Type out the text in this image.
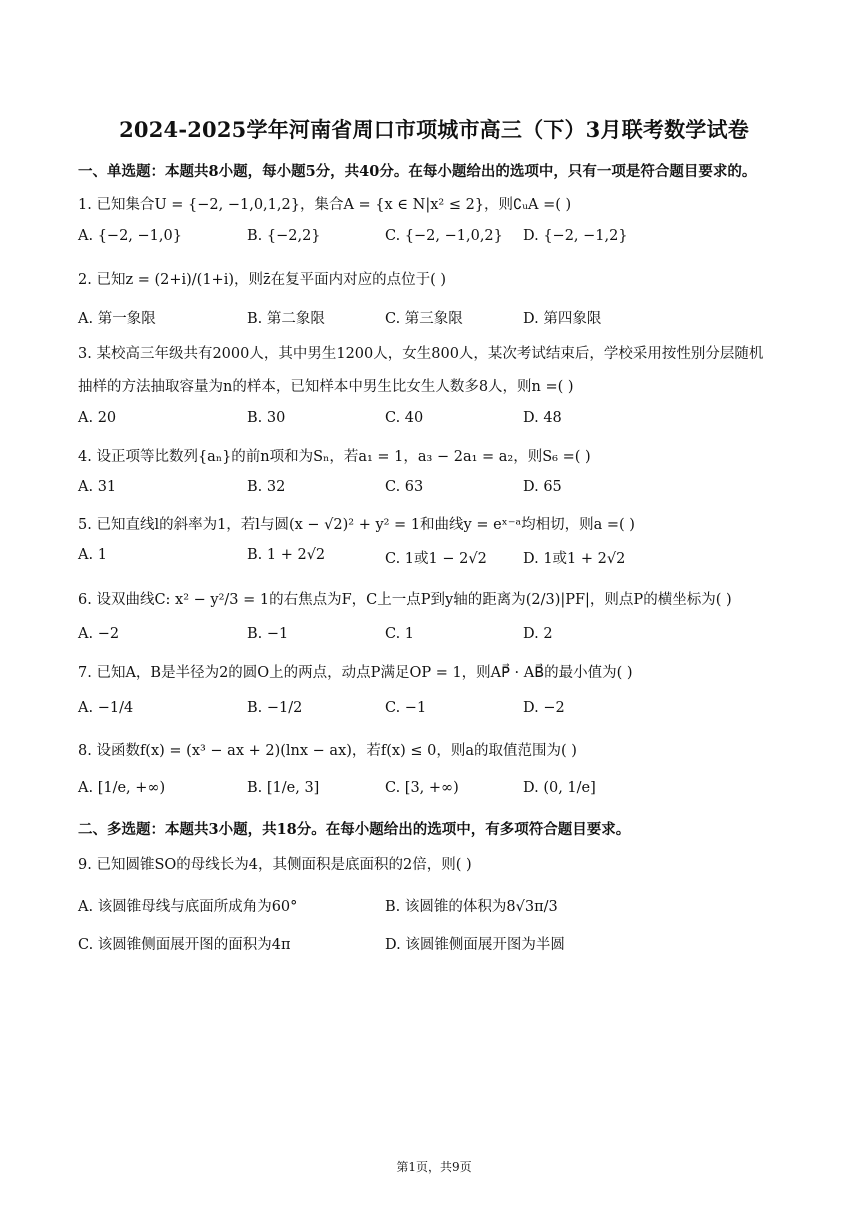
2024-2025学年河南省周口市项城市高三（下）3月联考数学试卷
一、单选题：本题共8小题，每小题5分，共40分。在每小题给出的选项中，只有一项是符合题目要求的。
1. 已知集合U = {−2, −1,0,1,2}，集合A = {x ∈ N|x² ≤ 2}，则∁ᵤA =( )
A. {−2, −1,0}	B. {−2,2}	C. {−2, −1,0,2} D. {−2, −1,2}
2. 已知z = (2+i)/(1+i)，则z̄在复平面内对应的点位于( )
A. 第一象限	B. 第二象限	C. 第三象限	D. 第四象限
3. 某校高三年级共有2000人，其中男生1200人，女生800人，某次考试结束后，学校采用按性别分层随机
抽样的方法抽取容量为n的样本，已知样本中男生比女生人数多8人，则n =( )
A. 20	B. 30	C. 40	D. 48
4. 设正项等比数列{aₙ}的前n项和为Sₙ，若a₁ = 1，a₃ − 2a₁ = a₂，则S₆ =( )
A. 31	B. 32	C. 63	D. 65
5. 已知直线l的斜率为1，若l与圆(x − √2)² + y² = 1和曲线y = eˣ⁻ᵃ均相切，则a =( )
A. 1	B. 1 + 2√2	C. 1或1 − 2√2 D. 1或1 + 2√2
6. 设双曲线C: x² − y²/3 = 1的右焦点为F，C上一点P到y轴的距离为(2/3)|PF|，则点P的横坐标为( )
A. −2	B. −1	C. 1	D. 2
7. 已知A，B是半径为2的圆O上的两点，动点P满足OP = 1，则AP⃗ · AB⃗的最小值为( )
A. −1/4	B. −1/2	C. −1	D. −2
8. 设函数f(x) = (x³ − ax + 2)(lnx − ax)，若f(x) ≤ 0，则a的取值范围为( )
A. [1/e, +∞)	B. [1/e, 3]	C. [3, +∞)	D. (0, 1/e]
二、多选题：本题共3小题，共18分。在每小题给出的选项中，有多项符合题目要求。
9. 已知圆锥SO的母线长为4，其侧面积是底面积的2倍，则( )
A. 该圆锥母线与底面所成角为60°	B. 该圆锥的体积为8√3π/3
C. 该圆锥侧面展开图的面积为4π	D. 该圆锥侧面展开图为半圆
第1页，共9页
